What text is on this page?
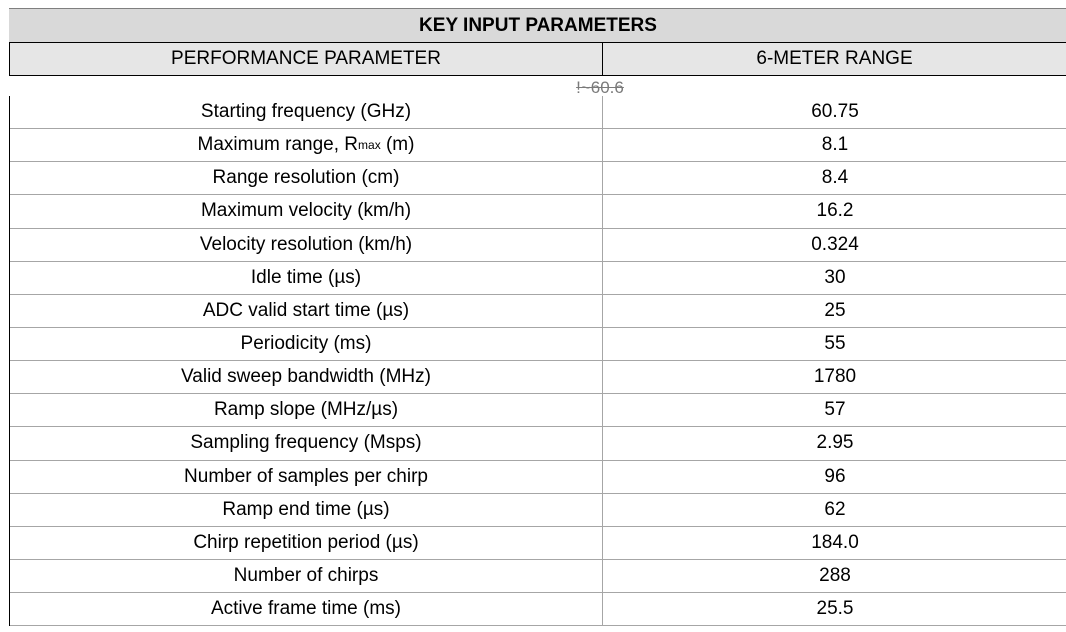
KEY INPUT PARAMETERS
PERFORMANCE PARAMETER	6-METER RANGE
!~60.6
Starting frequency (GHz)	60.75
Maximum range, R max (m)	8.1
Range resolution (cm)	8.4
Maximum velocity (km/h)	16.2
Velocity resolution (km/h)	0.324
Idle time (µs)	30
ADC valid start time (µs)	25
Periodicity (ms)	55
Valid sweep bandwidth (MHz)	1780
Ramp slope (MHz/µs)	57
Sampling frequency (Msps)	2.95
Number of samples per chirp	96
Ramp end time (µs)	62
Chirp repetition period (µs)	184.0
Number of chirps	288
Active frame time (ms)	25.5
